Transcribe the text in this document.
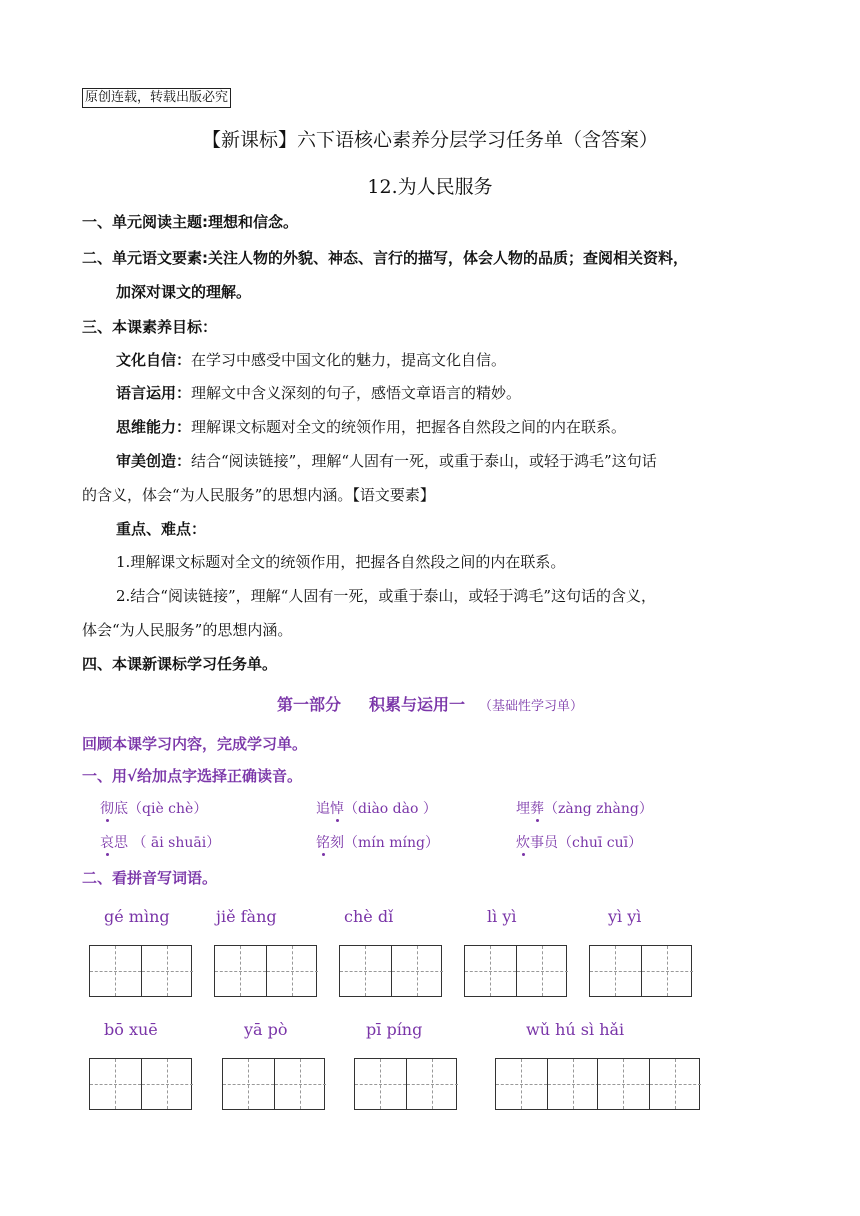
原创连载，转载出版必究
【新课标】六下语核心素养分层学习任务单（含答案）
12.为人民服务
一、单元阅读主题:理想和信念。
二、单元语文要素:关注人物的外貌、神态、言行的描写，体会人物的品质；查阅相关资料，
加深对课文的理解。
三、本课素养目标：
文化自信：在学习中感受中国文化的魅力，提高文化自信。
语言运用：理解文中含义深刻的句子，感悟文章语言的精妙。
思维能力：理解课文标题对全文的统领作用，把握各自然段之间的内在联系。
审美创造：结合“阅读链接”，理解“人固有一死，或重于泰山，或轻于鸿毛”这句话
的含义，体会“为人民服务”的思想内涵。【语文要素】
重点、难点：
1.理解课文标题对全文的统领作用，把握各自然段之间的内在联系。
2.结合“阅读链接”，理解“人固有一死，或重于泰山，或轻于鸿毛”这句话的含义，
体会“为人民服务”的思想内涵。
四、本课新课标学习任务单。
第一部分 积累与运用一 （基础性学习单）
回顾本课学习内容，完成学习单。
一、用√给加点字选择正确读音。
彻底（qiè chè）	追悼（diào dào ）	埋葬（zàng zhàng）
哀思 （ āi shuāi）	铭刻（mín míng）	炊事员（chuī cuī）
二、看拼音写词语。
gé mìng	jiě fàng	chè dǐ	lì yì	yì yì
bō xuē	yā pò	pī píng	wǔ hú sì hǎi
